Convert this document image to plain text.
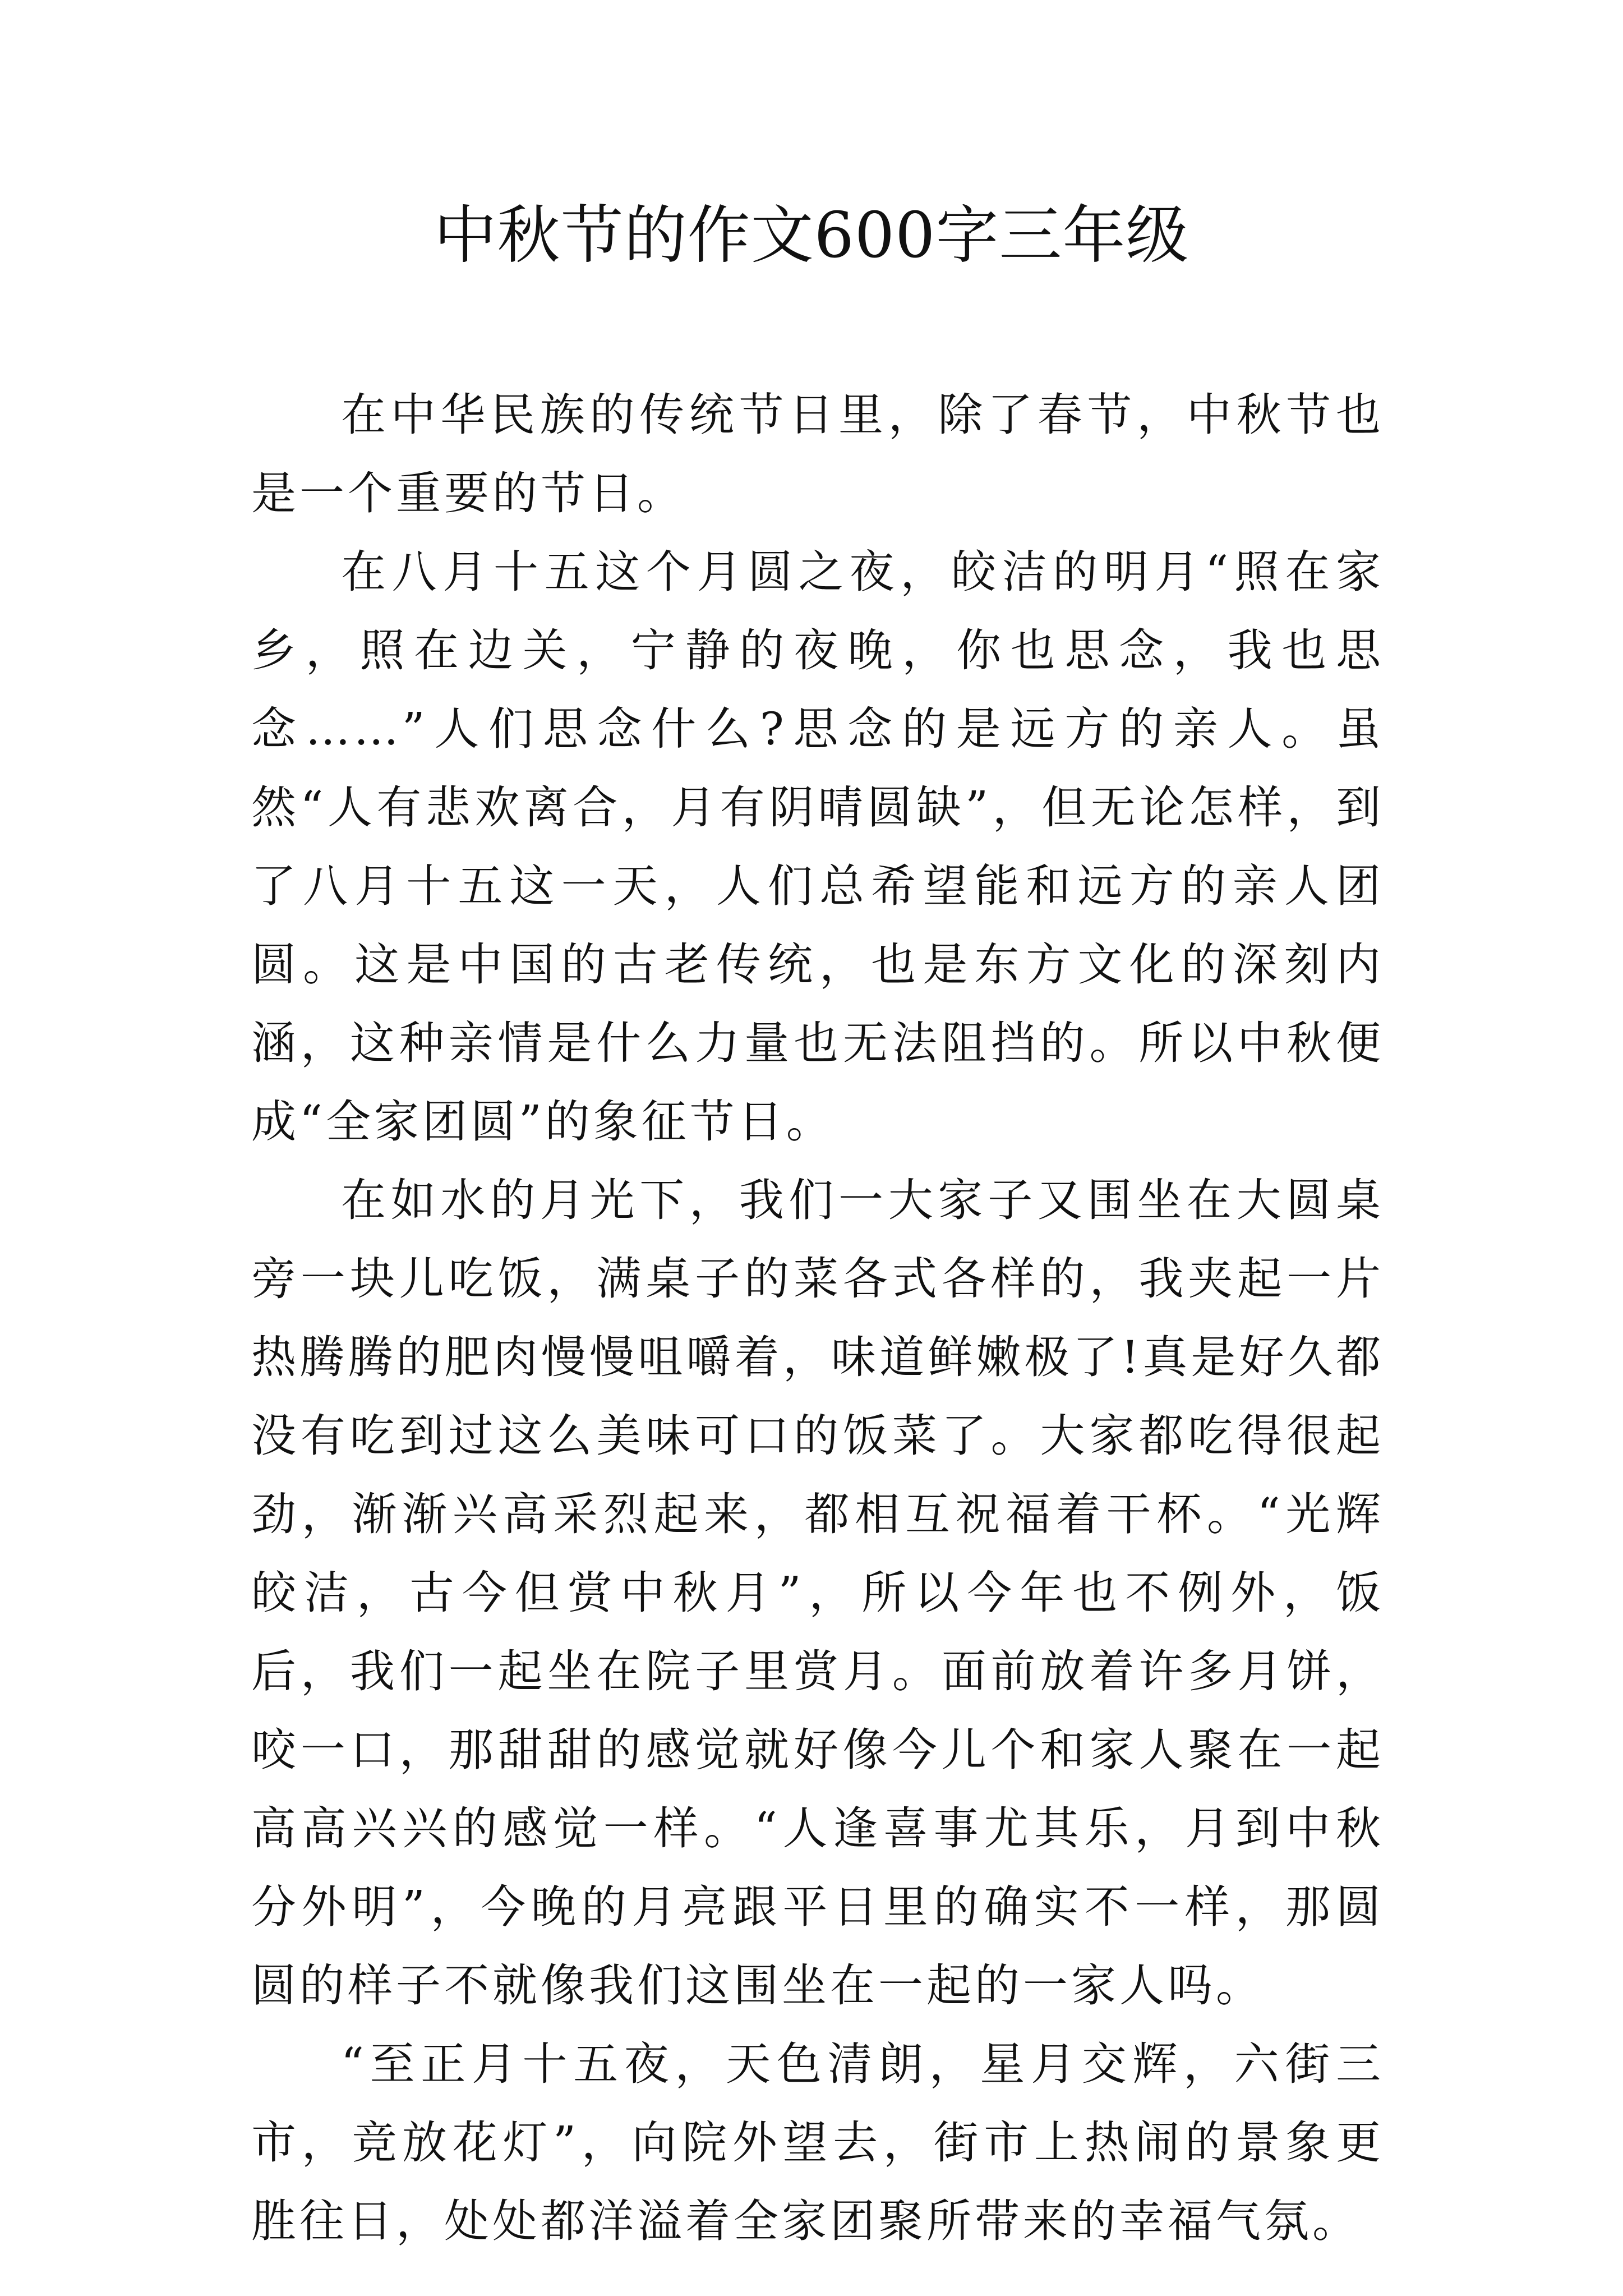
中秋节的作文600字三年级

在中华民族的传统节日里，除了春节，中秋节也是一个重要的节日。

在八月十五这个月圆之夜，皎洁的明月“照在家乡，照在边关，宁静的夜晚，你也思念，我也思念……”人们思念什么?思念的是远方的亲人。虽然“人有悲欢离合，月有阴晴圆缺”，但无论怎样，到了八月十五这一天，人们总希望能和远方的亲人团圆。这是中国的古老传统，也是东方文化的深刻内涵，这种亲情是什么力量也无法阻挡的。所以中秋便成“全家团圆”的象征节日。

在如水的月光下，我们一大家子又围坐在大圆桌旁一块儿吃饭，满桌子的菜各式各样的，我夹起一片热腾腾的肥肉慢慢咀嚼着，味道鲜嫩极了!真是好久都没有吃到过这么美味可口的饭菜了。大家都吃得很起劲，渐渐兴高采烈起来，都相互祝福着干杯。“光辉皎洁，古今但赏中秋月”，所以今年也不例外，饭后，我们一起坐在院子里赏月。面前放着许多月饼，咬一口，那甜甜的感觉就好像今儿个和家人聚在一起高高兴兴的感觉一样。“人逢喜事尤其乐，月到中秋分外明”，今晚的月亮跟平日里的确实不一样，那圆圆的样子不就像我们这围坐在一起的一家人吗。

“至正月十五夜，天色清朗，星月交辉，六街三市，竞放花灯”，向院外望去，街市上热闹的景象更胜往日，处处都洋溢着全家团聚所带来的幸福气氛。
